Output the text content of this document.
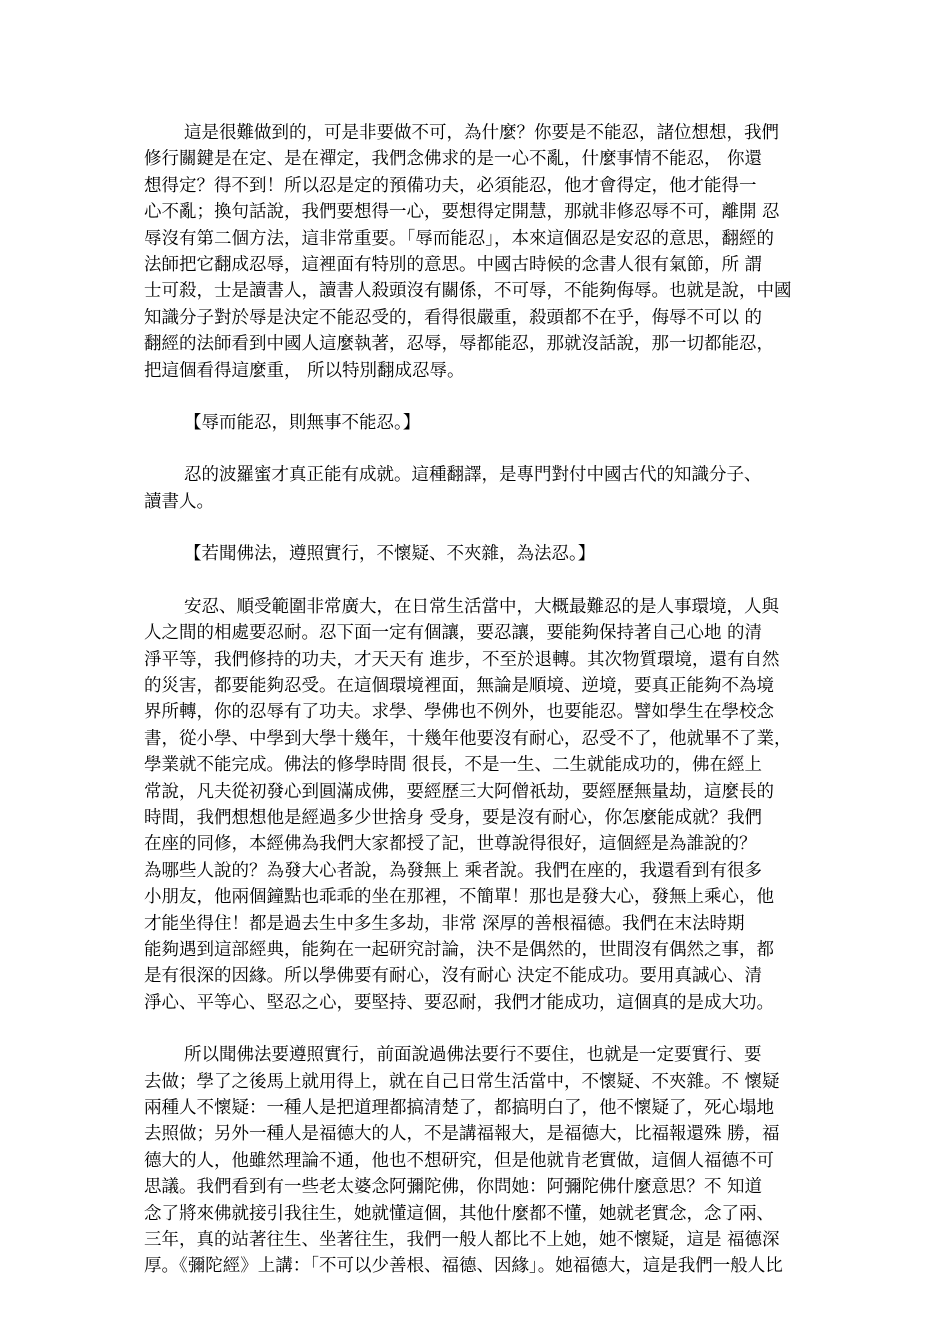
這是很難做到的，可是非要做不可，為什麼？你要是不能忍，諸位想想，我們
修行關鍵是在定、是在禪定，我們念佛求的是一心不亂，什麼事情不能忍， 你還
想得定？得不到！所以忍是定的預備功夫，必須能忍，他才會得定，他才能得一
心不亂；換句話說，我們要想得一心，要想得定開慧，那就非修忍辱不可，離開 忍
辱沒有第二個方法，這非常重要。「辱而能忍」，本來這個忍是安忍的意思，翻經的
法師把它翻成忍辱，這裡面有特別的意思。中國古時候的念書人很有氣節，所 謂
士可殺，士是讀書人，讀書人殺頭沒有關係，不可辱，不能夠侮辱。也就是說，中國
知識分子對於辱是決定不能忍受的，看得很嚴重，殺頭都不在乎，侮辱不可以 的
翻經的法師看到中國人這麼執著，忍辱，辱都能忍，那就沒話說，那一切都能忍，
把這個看得這麼重， 所以特別翻成忍辱。
【辱而能忍，則無事不能忍。】
忍的波羅蜜才真正能有成就。這種翻譯，是專門對付中國古代的知識分子、
讀書人。
【若聞佛法，遵照實行，不懷疑、不夾雜，為法忍。】
安忍、順受範圍非常廣大，在日常生活當中，大概最難忍的是人事環境，人與
人之間的相處要忍耐。忍下面一定有個讓，要忍讓，要能夠保持著自己心地 的清
淨平等，我們修持的功夫，才天天有 進步，不至於退轉。其次物質環境，還有自然
的災害，都要能夠忍受。在這個環境裡面，無論是順境、逆境，要真正能夠不為境
界所轉，你的忍辱有了功夫。求學、學佛也不例外，也要能忍。譬如學生在學校念
書，從小學、中學到大學十幾年，十幾年他要沒有耐心，忍受不了，他就畢不了業，
學業就不能完成。佛法的修學時間 很長，不是一生、二生就能成功的，佛在經上
常說，凡夫從初發心到圓滿成佛，要經歷三大阿僧祇劫，要經歷無量劫，這麼長的
時間，我們想想他是經過多少世捨身 受身，要是沒有耐心，你怎麼能成就？我們
在座的同修，本經佛為我們大家都授了記，世尊說得很好，這個經是為誰說的？
為哪些人說的？為發大心者說，為發無上 乘者說。我們在座的，我還看到有很多
小朋友，他兩個鐘點也乖乖的坐在那裡，不簡單！那也是發大心，發無上乘心，他
才能坐得住！都是過去生中多生多劫，非常 深厚的善根福德。我們在末法時期
能夠遇到這部經典，能夠在一起研究討論，決不是偶然的，世間沒有偶然之事，都
是有很深的因緣。所以學佛要有耐心，沒有耐心 決定不能成功。要用真誠心、清
淨心、平等心、堅忍之心，要堅持、要忍耐，我們才能成功，這個真的是成大功。
所以聞佛法要遵照實行，前面說過佛法要行不要住，也就是一定要實行、要
去做；學了之後馬上就用得上，就在自己日常生活當中，不懷疑、不夾雜。不 懷疑
兩種人不懷疑：一種人是把道理都搞清楚了，都搞明白了，他不懷疑了，死心塌地
去照做；另外一種人是福德大的人，不是講福報大，是福德大，比福報還殊 勝，福
德大的人，他雖然理論不通，他也不想研究，但是他就肯老實做，這個人福德不可
思議。我們看到有一些老太婆念阿彌陀佛，你問她：阿彌陀佛什麼意思？不 知道
念了將來佛就接引我往生，她就懂這個，其他什麼都不懂，她就老實念，念了兩、
三年，真的站著往生、坐著往生，我們一般人都比不上她，她不懷疑，這是 福德深
厚。《彌陀經》上講：「不可以少善根、福德、因緣」。她福德大，這是我們一般人比
